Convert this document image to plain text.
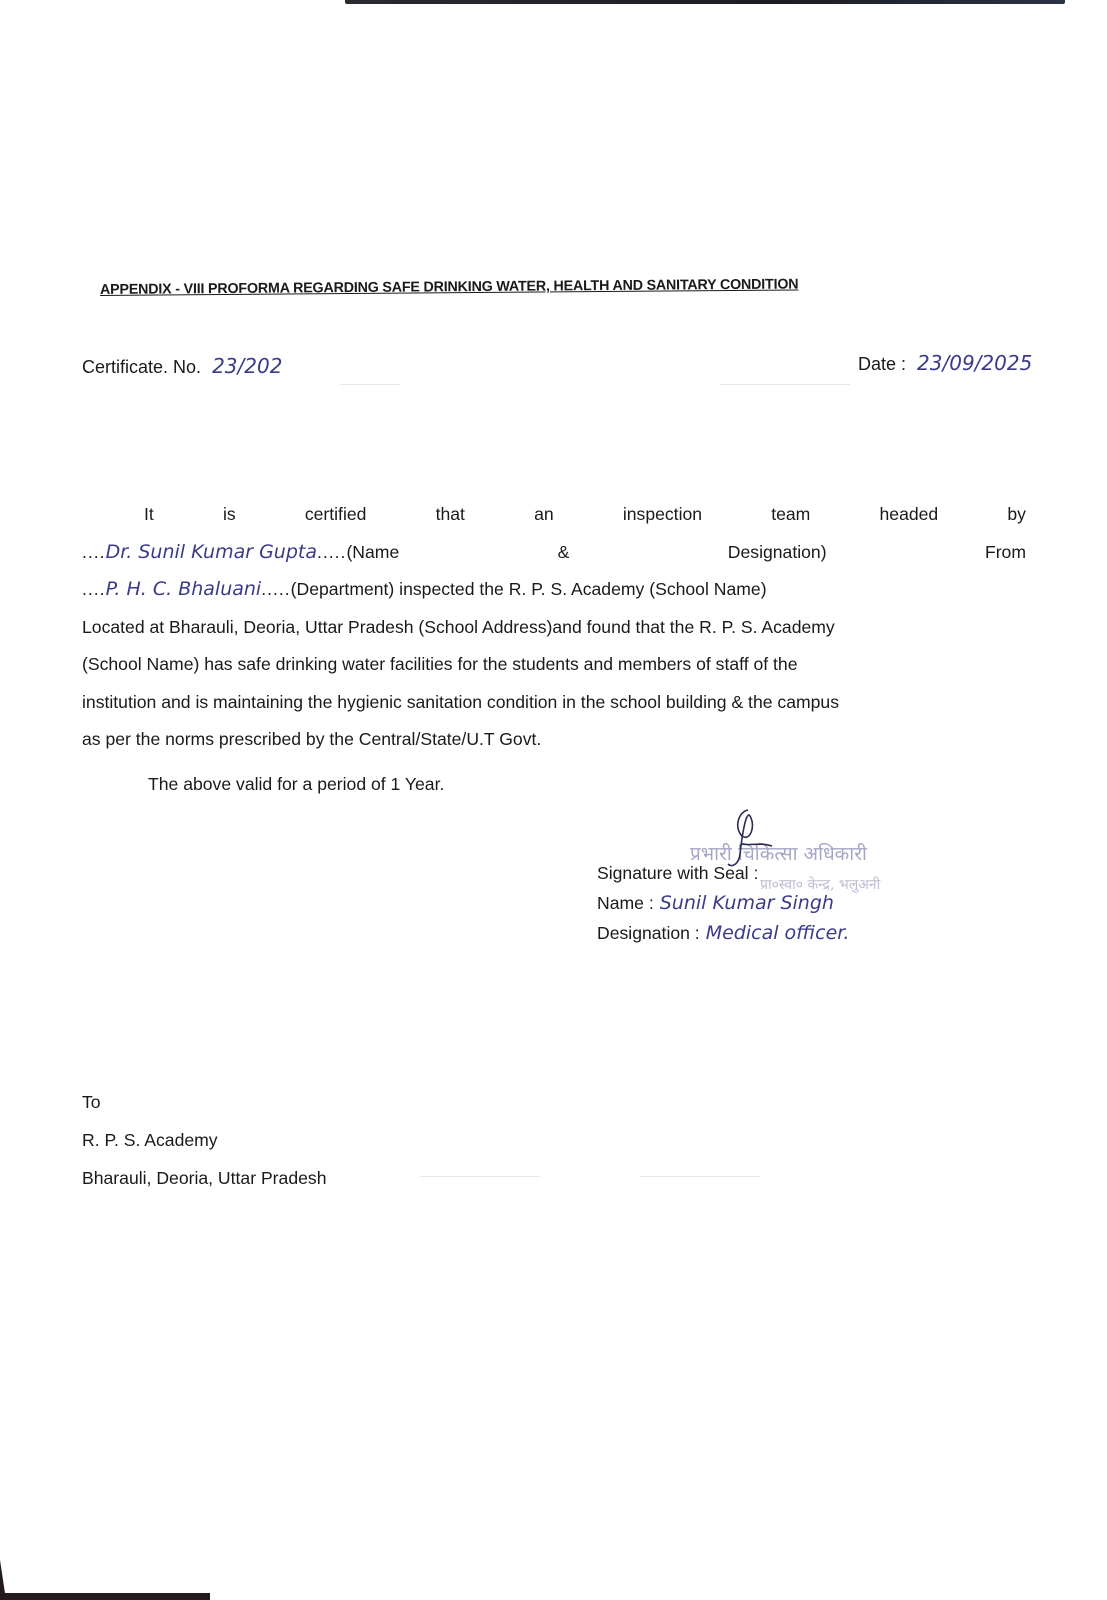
APPENDIX - VIII PROFORMA REGARDING SAFE DRINKING WATER, HEALTH AND SANITARY CONDITION
Certificate. No. 23/202	Date : 23/09/2025
It	is	certified	that	an	inspection	team	headed	by
....Dr. Sunil Kumar Gupta.....(Name	&	Designation)	From
....P. H. C. Bhaluani.....(Department) inspected the R. P. S. Academy (School Name)
Located at Bharauli, Deoria, Uttar Pradesh (School Address)and found that the R. P. S. Academy
(School Name) has safe drinking water facilities for the students and members of staff of the
institution and is maintaining the hygienic sanitation condition in the school building & the campus
as per the norms prescribed by the Central/State/U.T Govt.
The above valid for a period of 1 Year.
प्रभारी चिकित्सा अधिकारी
प्रा०स्वा० केन्द्र, भलुअनी
Signature with Seal :
Name : Sunil Kumar Singh
Designation : Medical officer.
To
R. P. S. Academy
Bharauli, Deoria, Uttar Pradesh
